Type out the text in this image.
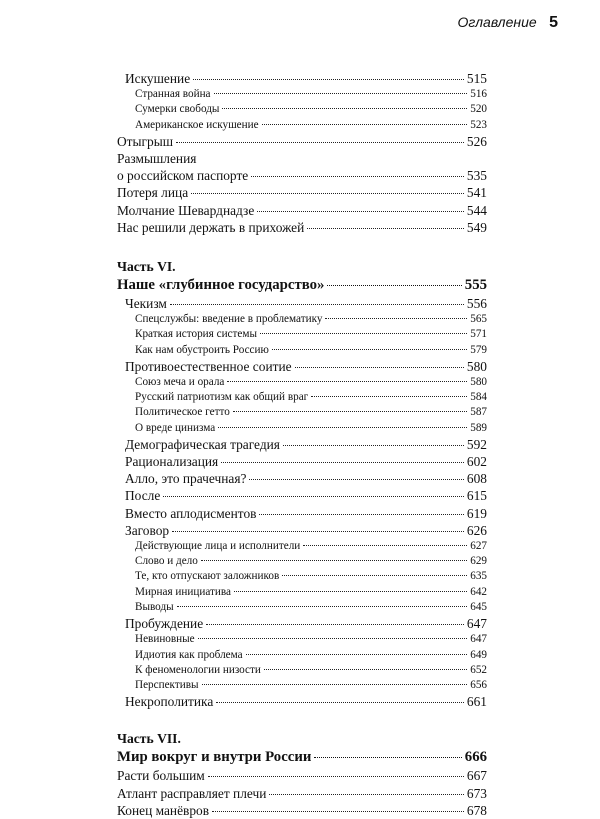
Оглавление 5
Искушение	515
Странная война	516
Сумерки свободы	520
Американское искушение	523
Отыгрыш	526
Размышления
о российском паспорте	535
Потеря лица	541
Молчание Шеварднадзе	544
Нас решили держать в прихожей	549
Часть VI.
Наше «глубинное государство»	555
Чекизм	556
Спецслужбы: введение в проблематику	565
Краткая история системы	571
Как нам обустроить Россию	579
Противоестественное соитие	580
Союз меча и орала	580
Русский патриотизм как общий враг	584
Политическое гетто	587
О вреде цинизма	589
Демографическая трагедия	592
Рационализация	602
Алло, это прачечная?	608
После	615
Вместо аплодисментов	619
Заговор	626
Действующие лица и исполнители	627
Слово и дело	629
Те, кто отпускают заложников	635
Мирная инициатива	642
Выводы	645
Пробуждение	647
Невиновные	647
Идиотия как проблема	649
К феноменологии низости	652
Перспективы	656
Некрополитика	661
Часть VII.
Мир вокруг и внутри России	666
Расти большим	667
Атлант расправляет плечи	673
Конец манёвров	678
